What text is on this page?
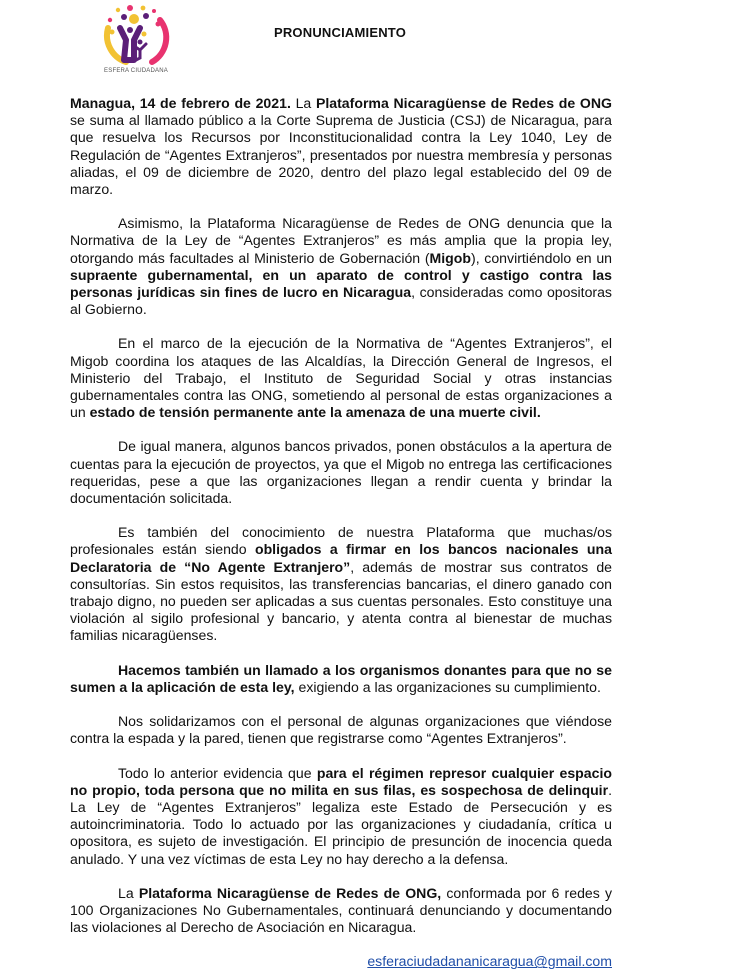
ESFERA CIUDADANA
PRONUNCIAMIENTO

Managua, 14 de febrero de 2021. La Plataforma Nicaragüense de Redes de ONG se suma al llamado público a la Corte Suprema de Justicia (CSJ) de Nicaragua, para que resuelva los Recursos por Inconstitucionalidad contra la Ley 1040, Ley de Regulación de “Agentes Extranjeros”, presentados por nuestra membresía y personas aliadas, el 09 de diciembre de 2020, dentro del plazo legal establecido del 09 de marzo.

Asimismo, la Plataforma Nicaragüense de Redes de ONG denuncia que la Normativa de la Ley de “Agentes Extranjeros” es más amplia que la propia ley, otorgando más facultades al Ministerio de Gobernación (Migob), convirtiéndolo en un supraente gubernamental, en un aparato de control y castigo contra las personas jurídicas sin fines de lucro en Nicaragua, consideradas como opositoras al Gobierno.

En el marco de la ejecución de la Normativa de “Agentes Extranjeros”, el Migob coordina los ataques de las Alcaldías, la Dirección General de Ingresos, el Ministerio del Trabajo, el Instituto de Seguridad Social y otras instancias gubernamentales contra las ONG, sometiendo al personal de estas organizaciones a un estado de tensión permanente ante la amenaza de una muerte civil.

De igual manera, algunos bancos privados, ponen obstáculos a la apertura de cuentas para la ejecución de proyectos, ya que el Migob no entrega las certificaciones requeridas, pese a que las organizaciones llegan a rendir cuenta y brindar la documentación solicitada.

Es también del conocimiento de nuestra Plataforma que muchas/os profesionales están siendo obligados a firmar en los bancos nacionales una Declaratoria de “No Agente Extranjero”, además de mostrar sus contratos de consultorías. Sin estos requisitos, las transferencias bancarias, el dinero ganado con trabajo digno, no pueden ser aplicadas a sus cuentas personales. Esto constituye una violación al sigilo profesional y bancario, y atenta contra al bienestar de muchas familias nicaragüenses.

Hacemos también un llamado a los organismos donantes para que no se sumen a la aplicación de esta ley, exigiendo a las organizaciones su cumplimiento.

Nos solidarizamos con el personal de algunas organizaciones que viéndose contra la espada y la pared, tienen que registrarse como “Agentes Extranjeros”.

Todo lo anterior evidencia que para el régimen represor cualquier espacio no propio, toda persona que no milita en sus filas, es sospechosa de delinquir. La Ley de “Agentes Extranjeros” legaliza este Estado de Persecución y es autoincriminatoria. Todo lo actuado por las organizaciones y ciudadanía, crítica u opositora, es sujeto de investigación. El principio de presunción de inocencia queda anulado. Y una vez víctimas de esta Ley no hay derecho a la defensa.

La Plataforma Nicaragüense de Redes de ONG, conformada por 6 redes y 100 Organizaciones No Gubernamentales, continuará denunciando y documentando las violaciones al Derecho de Asociación en Nicaragua.

esferaciudadananicaragua@gmail.com
